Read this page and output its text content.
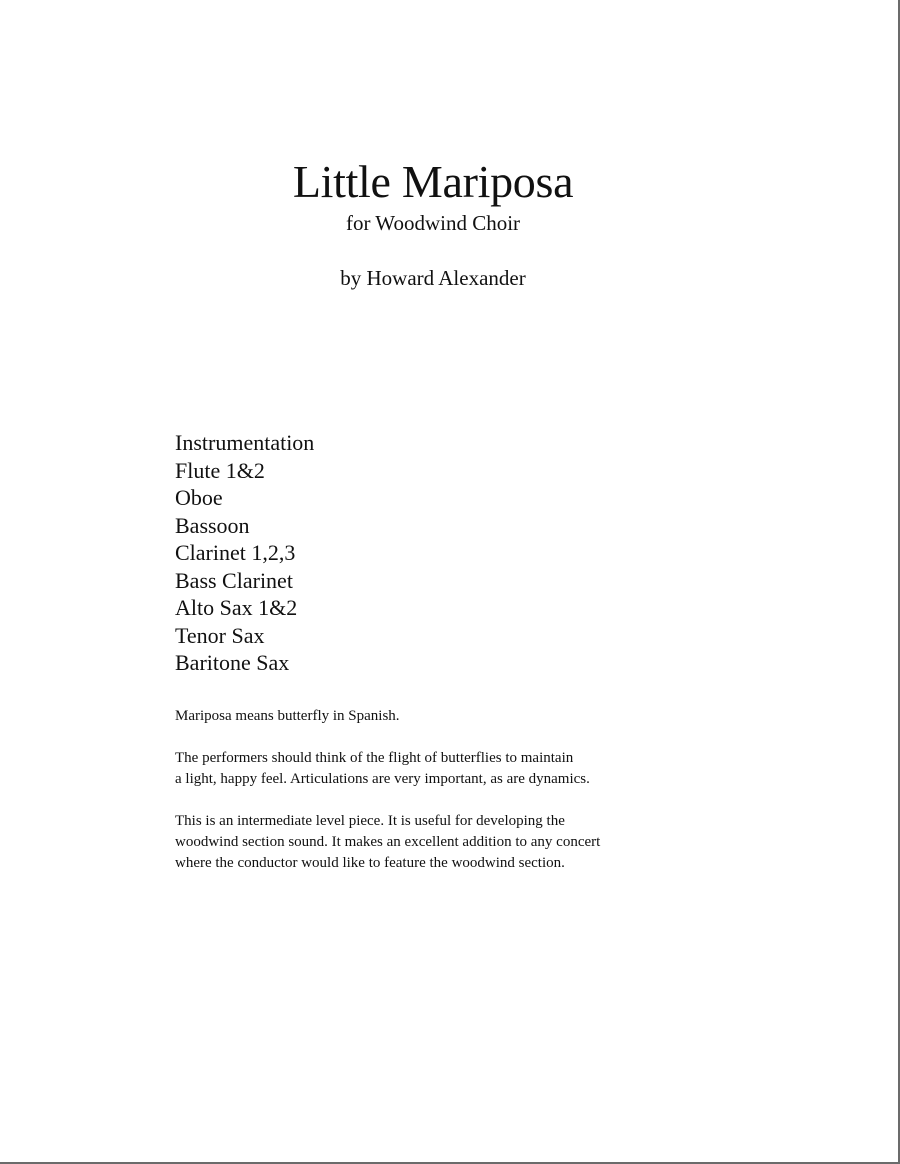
Little Mariposa
for Woodwind Choir
by Howard Alexander
Instrumentation
Flute 1&2
Oboe
Bassoon
Clarinet 1,2,3
Bass Clarinet
Alto Sax 1&2
Tenor Sax
Baritone Sax

Mariposa means butterfly in Spanish.

The performers should think of the flight of butterflies to maintain
a light, happy feel. Articulations are very important, as are dynamics.

This is an intermediate level piece. It is useful for developing the
woodwind section sound. It makes an excellent addition to any concert
where the conductor would like to feature the woodwind section.
